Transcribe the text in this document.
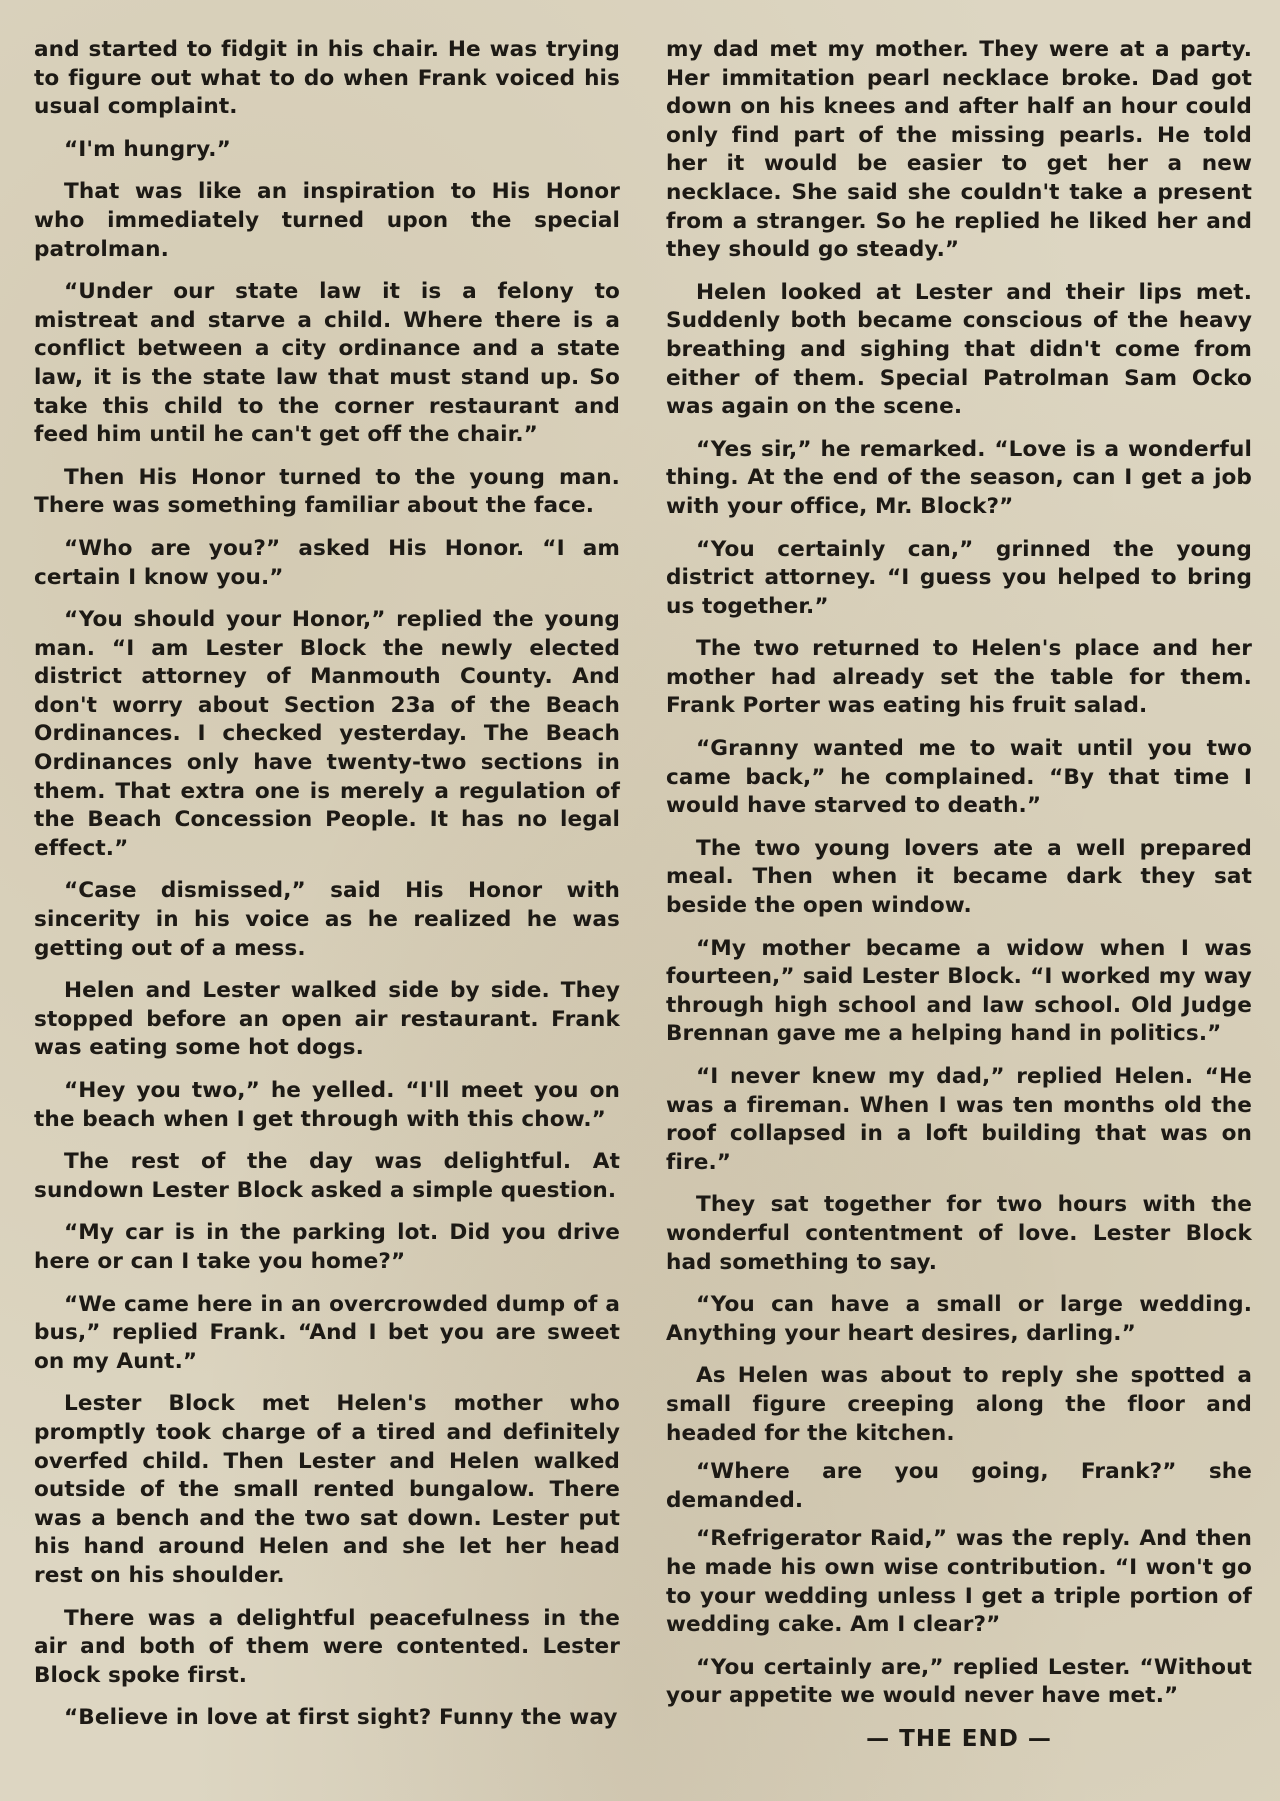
and started to fidgit in his chair. He was trying to figure out what to do when Frank voiced his usual complaint.

“I'm hungry.”

That was like an inspiration to His Honor who immediately turned upon the special patrolman.

“Under our state law it is a felony to mistreat and starve a child. Where there is a conflict between a city ordinance and a state law, it is the state law that must stand up. So take this child to the corner restaurant and feed him until he can't get off the chair.”

Then His Honor turned to the young man. There was something familiar about the face.

“Who are you?” asked His Honor. “I am certain I know you.”

“You should your Honor,” replied the young man. “I am Lester Block the newly elected district attorney of Manmouth County. And don't worry about Section 23a of the Beach Ordinances. I checked yesterday. The Beach Ordinances only have twenty-two sections in them. That extra one is merely a regulation of the Beach Concession People. It has no legal effect.”

“Case dismissed,” said His Honor with sincerity in his voice as he realized he was getting out of a mess.

Helen and Lester walked side by side. They stopped before an open air restaurant. Frank was eating some hot dogs.

“Hey you two,” he yelled. “I'll meet you on the beach when I get through with this chow.”

The rest of the day was delightful. At sundown Lester Block asked a simple question.

“My car is in the parking lot. Did you drive here or can I take you home?”

“We came here in an overcrowded dump of a bus,” replied Frank. “And I bet you are sweet on my Aunt.”

Lester Block met Helen's mother who promptly took charge of a tired and definitely overfed child. Then Lester and Helen walked outside of the small rented bungalow. There was a bench and the two sat down. Lester put his hand around Helen and she let her head rest on his shoulder.

There was a delightful peacefulness in the air and both of them were contented. Lester Block spoke first.

“Believe in love at first sight? Funny the way

my dad met my mother. They were at a party. Her immitation pearl necklace broke. Dad got down on his knees and after half an hour could only find part of the missing pearls. He told her it would be easier to get her a new necklace. She said she couldn't take a present from a stranger. So he replied he liked her and they should go steady.”

Helen looked at Lester and their lips met. Suddenly both became conscious of the heavy breathing and sighing that didn't come from either of them. Special Patrolman Sam Ocko was again on the scene.

“Yes sir,” he remarked. “Love is a wonderful thing. At the end of the season, can I get a job with your office, Mr. Block?”

“You certainly can,” grinned the young district attorney. “I guess you helped to bring us together.”

The two returned to Helen's place and her mother had already set the table for them. Frank Porter was eating his fruit salad.

“Granny wanted me to wait until you two came back,” he complained. “By that time I would have starved to death.”

The two young lovers ate a well prepared meal. Then when it became dark they sat beside the open window.

“My mother became a widow when I was fourteen,” said Lester Block. “I worked my way through high school and law school. Old Judge Brennan gave me a helping hand in politics.”

“I never knew my dad,” replied Helen. “He was a fireman. When I was ten months old the roof collapsed in a loft building that was on fire.”

They sat together for two hours with the wonderful contentment of love. Lester Block had something to say.

“You can have a small or large wedding. Anything your heart desires, darling.”

As Helen was about to reply she spotted a small figure creeping along the floor and headed for the kitchen.

“Where are you going, Frank?” she demanded.

“Refrigerator Raid,” was the reply. And then he made his own wise contribution. “I won't go to your wedding unless I get a triple portion of wedding cake. Am I clear?”

“You certainly are,” replied Lester. “Without your appetite we would never have met.”

— THE END —
